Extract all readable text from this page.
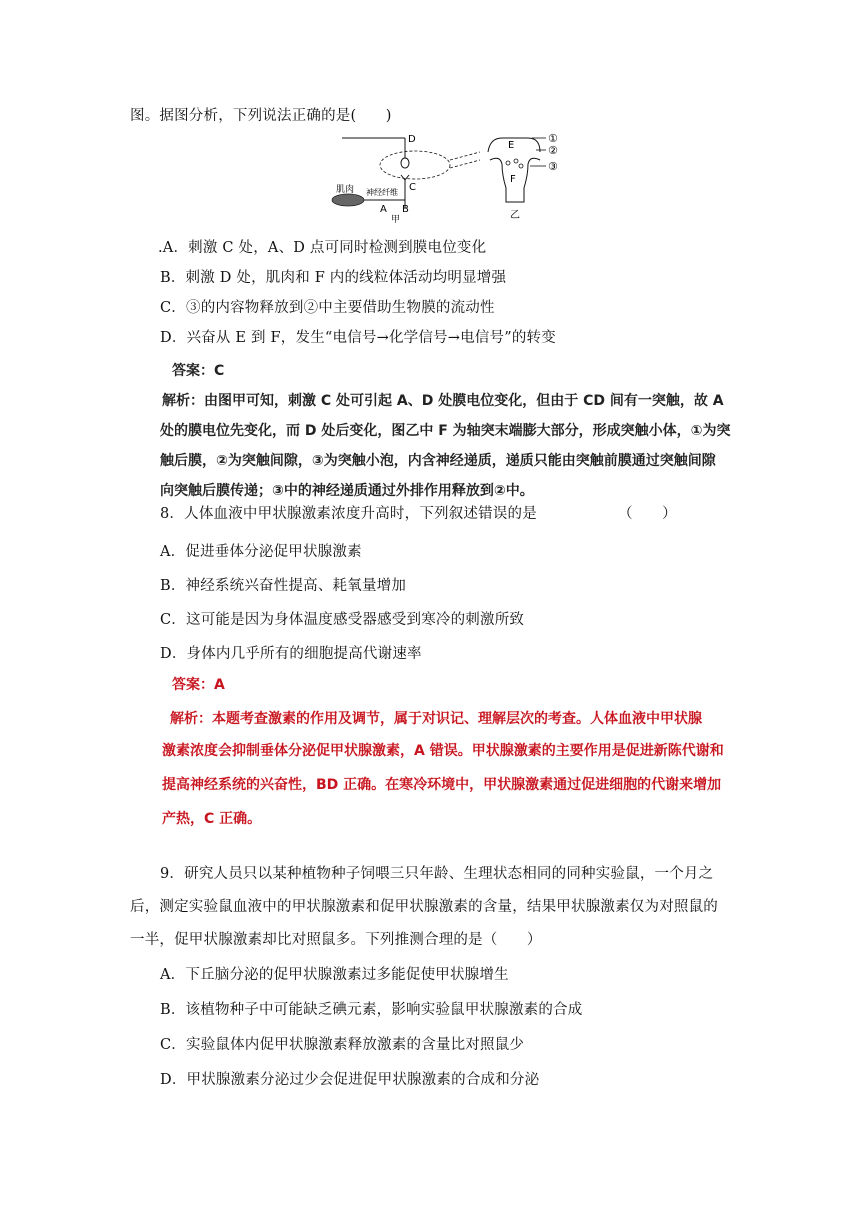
图。据图分析，下列说法正确的是(　　)
D
C
肌肉 神经纤维
A B
甲
E
F
乙
①
②
③
.A．刺激 C 处，A、D 点可同时检测到膜电位变化
B．刺激 D 处，肌肉和 F 内的线粒体活动均明显增强
C．③的内容物释放到②中主要借助生物膜的流动性
D．兴奋从 E 到 F，发生“电信号→化学信号→电信号”的转变
答案：C
解析：由图甲可知，刺激 C 处可引起 A、D 处膜电位变化，但由于 CD 间有一突触，故 A
处的膜电位先变化，而 D 处后变化，图乙中 F 为轴突末端膨大部分，形成突触小体，①为突
触后膜，②为突触间隙，③为突触小泡，内含神经递质，递质只能由突触前膜通过突触间隙
向突触后膜传递；③中的神经递质通过外排作用释放到②中。
8．人体血液中甲状腺激素浓度升高时，下列叙述错误的是	（　　）
A．促进垂体分泌促甲状腺激素
B．神经系统兴奋性提高、耗氧量增加
C．这可能是因为身体温度感受器感受到寒冷的刺激所致
D．身体内几乎所有的细胞提高代谢速率
答案：A
解析：本题考查激素的作用及调节，属于对识记、理解层次的考查。人体血液中甲状腺
激素浓度会抑制垂体分泌促甲状腺激素，A 错误。甲状腺激素的主要作用是促进新陈代谢和
提高神经系统的兴奋性，BD 正确。在寒冷环境中，甲状腺激素通过促进细胞的代谢来增加
产热，C 正确。
9．研究人员只以某种植物种子饲喂三只年龄、生理状态相同的同种实验鼠，一个月之
后，测定实验鼠血液中的甲状腺激素和促甲状腺激素的含量，结果甲状腺激素仅为对照鼠的
一半，促甲状腺激素却比对照鼠多。下列推测合理的是（　　）
A．下丘脑分泌的促甲状腺激素过多能促使甲状腺增生
B．该植物种子中可能缺乏碘元素，影响实验鼠甲状腺激素的合成
C．实验鼠体内促甲状腺激素释放激素的含量比对照鼠少
D．甲状腺激素分泌过少会促进促甲状腺激素的合成和分泌
